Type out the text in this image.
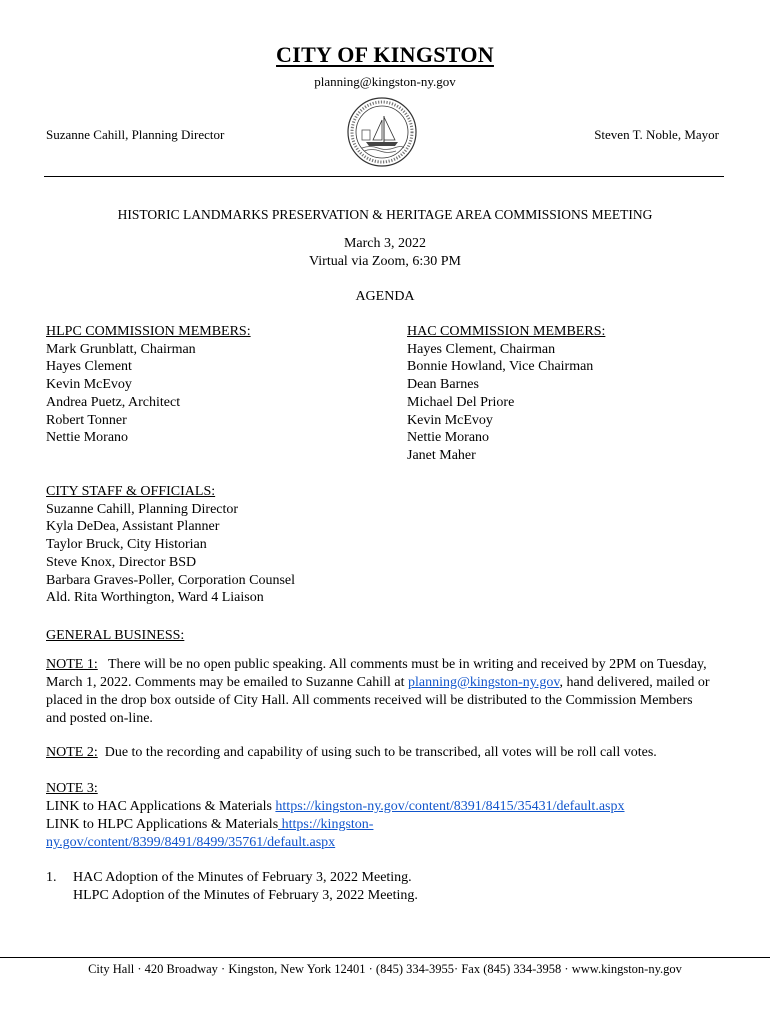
CITY OF KINGSTON
planning@kingston-ny.gov
Suzanne Cahill, Planning Director	Steven T. Noble, Mayor
HISTORIC LANDMARKS PRESERVATION & HERITAGE AREA COMMISSIONS MEETING
March 3, 2022
Virtual via Zoom, 6:30 PM
AGENDA
HLPC COMMISSION MEMBERS:
Mark Grunblatt, Chairman
Hayes Clement
Kevin McEvoy
Andrea Puetz, Architect
Robert Tonner
Nettie Morano
HAC COMMISSION MEMBERS:
Hayes Clement, Chairman
Bonnie Howland, Vice Chairman
Dean Barnes
Michael Del Priore
Kevin McEvoy
Nettie Morano
Janet Maher
CITY STAFF & OFFICIALS:
Suzanne Cahill, Planning Director
Kyla DeDea, Assistant Planner
Taylor Bruck, City Historian
Steve Knox, Director BSD
Barbara Graves-Poller, Corporation Counsel
Ald. Rita Worthington, Ward 4 Liaison
GENERAL BUSINESS:
NOTE 1: There will be no open public speaking. All comments must be in writing and received by 2PM on Tuesday, March 1, 2022. Comments may be emailed to Suzanne Cahill at planning@kingston-ny.gov, hand delivered, mailed or placed in the drop box outside of City Hall. All comments received will be distributed to the Commission Members and posted on-line.
NOTE 2: Due to the recording and capability of using such to be transcribed, all votes will be roll call votes.
NOTE 3:
LINK to HAC Applications & Materials https://kingston-ny.gov/content/8391/8415/35431/default.aspx
LINK to HLPC Applications & Materials https://kingston-
ny.gov/content/8399/8491/8499/35761/default.aspx
1. HAC Adoption of the Minutes of February 3, 2022 Meeting.
HLPC Adoption of the Minutes of February 3, 2022 Meeting.
City Hall · 420 Broadway · Kingston, New York 12401 · (845) 334-3955· Fax (845) 334-3958 · www.kingston-ny.gov
